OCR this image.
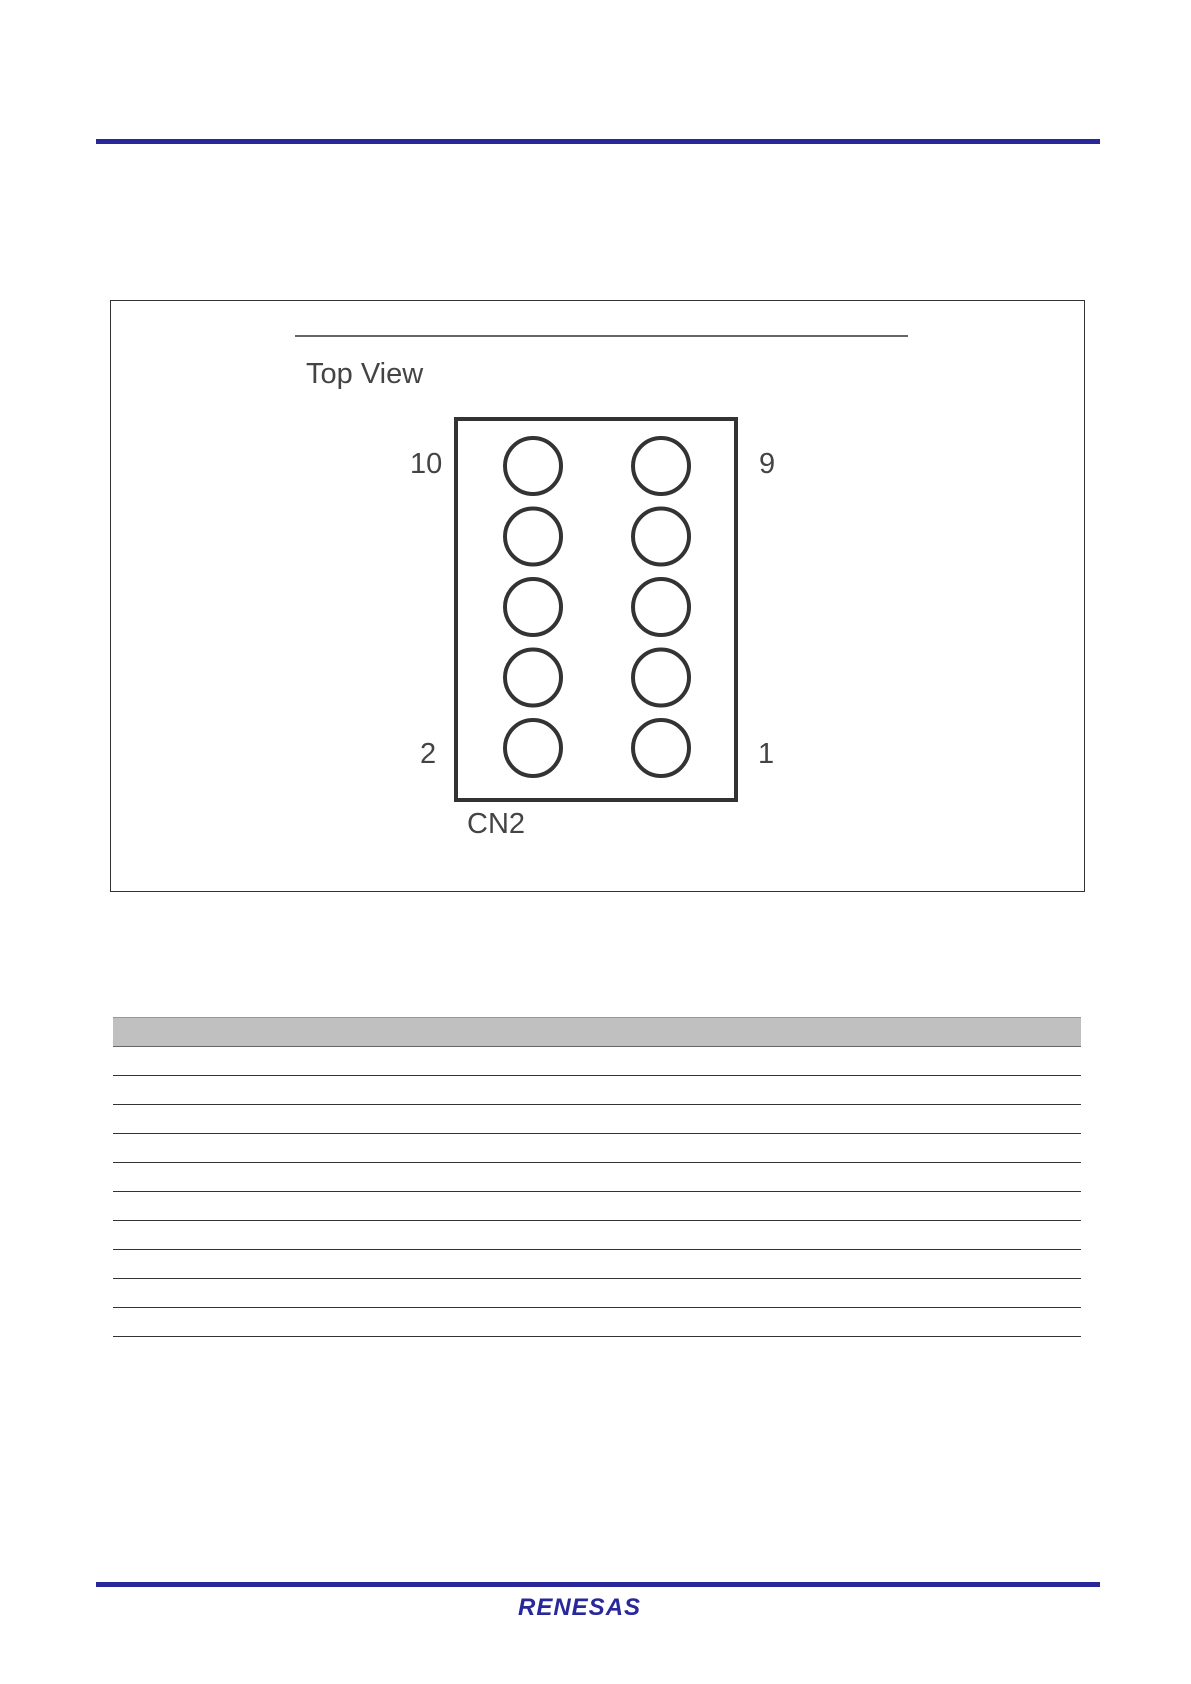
Top View
10	9
2	1
CN2

RENESAS
